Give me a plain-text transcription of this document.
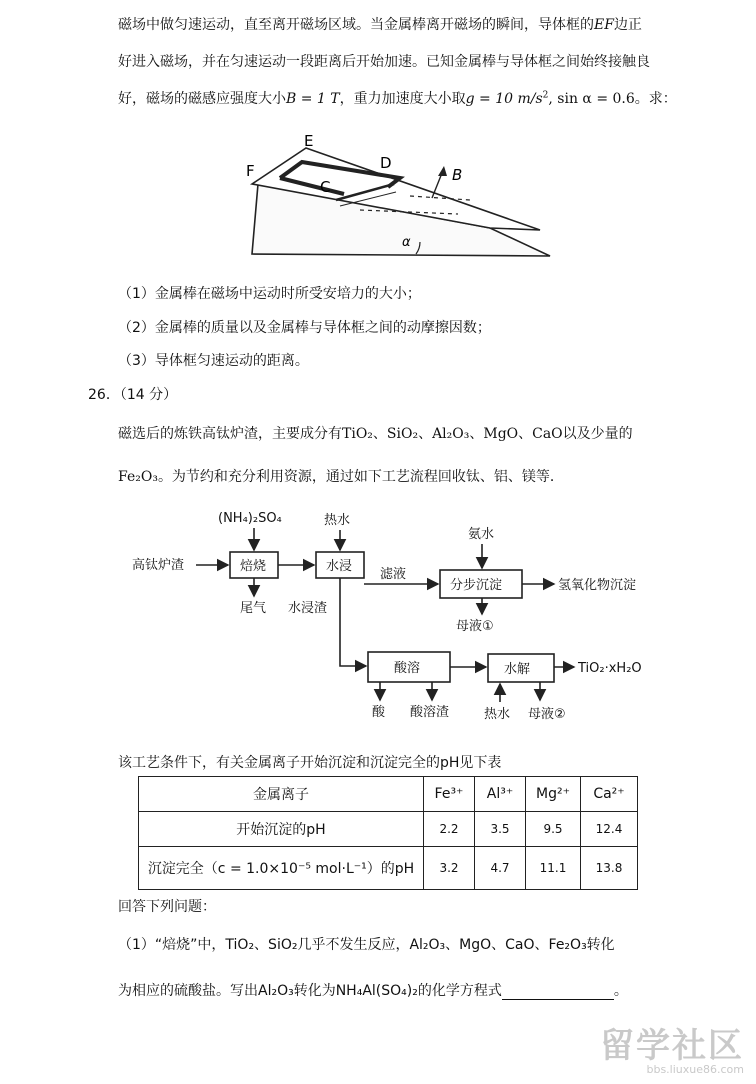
磁场中做匀速运动，直至离开磁场区域。当金属棒离开磁场的瞬间，导体框的EF边正
好进入磁场，并在匀速运动一段距离后开始加速。已知金属棒与导体框之间始终接触良
好，磁场的磁感应强度大小B = 1 T，重力加速度大小取g = 10 $m/s^2$, sin α = 0.6。求：
F
E
D
C
B
α
（1）金属棒在磁场中运动时所受安培力的大小；
（2）金属棒的质量以及金属棒与导体框之间的动摩擦因数；
（3）导体框匀速运动的距离。
26．（14 分）
磁选后的炼铁高钛炉渣，主要成分有TiO₂、SiO₂、Al₂O₃、MgO、CaO以及少量的
Fe₂O₃。为节约和充分利用资源，通过如下工艺流程回收钛、铝、镁等．
(NH₄)₂SO₄	热水
氨水
高钛炉渣	焙烧	水浸
滤液
分步沉淀	氢氧化物沉淀
尾气 水浸渣
母液①
酸溶	水解	TiO₂·xH₂O
酸 酸溶渣	热水 母液②
该工艺条件下，有关金属离子开始沉淀和沉淀完全的pH见下表
金属离子	Fe³⁺	Al³⁺	Mg²⁺	Ca²⁺
开始沉淀的pH	2.2	3.5	9.5	12.4
沉淀完全（c = 1.0×10⁻⁵ mol·L⁻¹）的pH	3.2	4.7	11.1	13.8
回答下列问题：
（1）“焙烧”中，TiO₂、SiO₂几乎不发生反应，Al₂O₃、MgO、CaO、Fe₂O₃转化
为相应的硫酸盐。写出Al₂O₃转化为NH₄Al(SO₄)₂的化学方程式	。
留学社区
bbs.liuxue86.com
